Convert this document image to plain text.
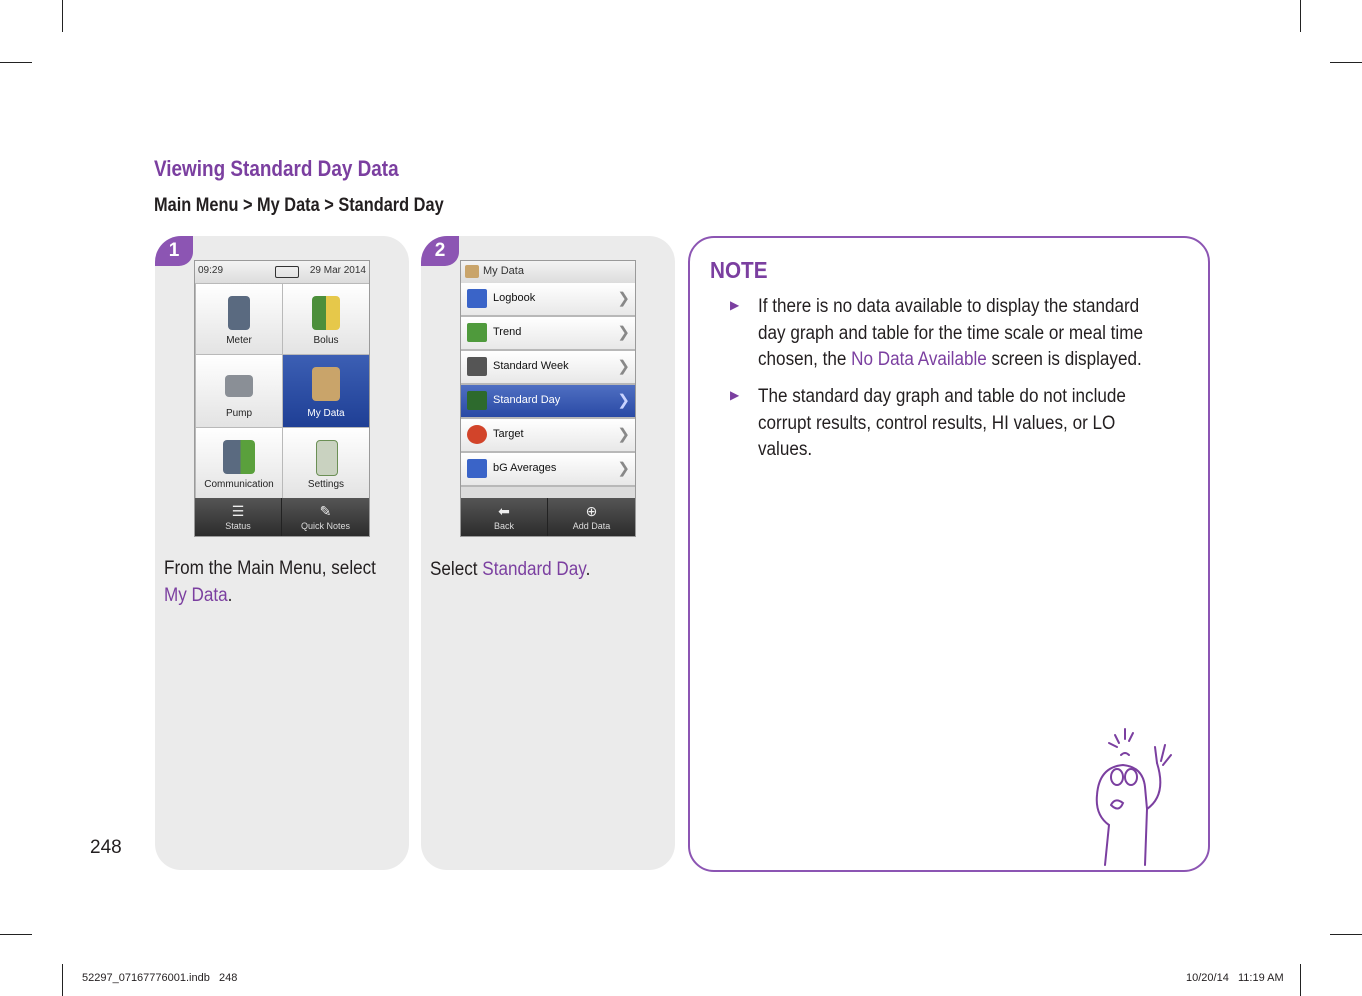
Viewing Standard Day Data
Main Menu > My Data > Standard Day
1
09:29	29 Mar 2014
Meter	Bolus
Pump	My Data
Communication	Settings
☰
Status
✎
Quick Notes
From the Main Menu, select
My Data.
2
My Data
Logbook	❯
Trend	❯
Standard Week	❯
Standard Day	❯
Target	❯
bG Averages	❯
⬅
Back
⊕
Add Data
Select Standard Day.
NOTE
▶ If there is no data available to display the standard
day graph and table for the time scale or meal time
chosen, the No Data Available screen is displayed.
▶ The standard day graph and table do not include
corrupt results, control results, HI values, or LO
values.
248
52297_07167776001.indb   248	10/20/14   11:19 AM
